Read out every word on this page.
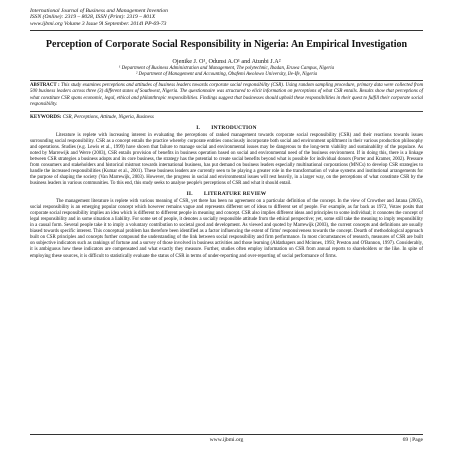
International Journal of Business and Management Invention
ISSN (Online): 2319 – 8028, ISSN (Print): 2319 – 801X
www.ijbmi.org Volume 3 Issue 9ǁ September. 2014ǁ PP-69-73
Perception of Corporate Social Responsibility in Nigeria: An Empirical Investigation
Ojenike J. O¹, Odunsi A.O¹ and Atunbi J.A²
¹ Department of Business Administration and Management, The polytechnic, Ibadan, Eruwa Campus, Nigeria
² Department of Management and Accounting, Obafemi Awolowo University, Ile-Ife, Nigeria
ABSTRACT : This study examines perceptions and attitudes of business leaders towards corporate social responsibility (CSR). Using random sampling procedure, primary data were collected from 500 business leaders across three (3) different states of Southwest, Nigeria. The questionnaire was structured to elicit information on perceptions of what CSR entails. Results show that perceptions of what constitute CSR spans economic, legal, ethical and philanthropic responsibilities. Findings suggest that businesses should uphold these responsibilities in their quest to fulfill their corporate social responsibility.
KEYWORDS: CSR, Perceptions, Attitude, Nigeria, Business
I.  INTRODUCTION
Literature is replete with increasing interest in evaluating the perceptions of ranked management towards corporate social responsibility (CSR) and their reactions towards issues surrounding social responsibility. CSR as a concept entails the practice whereby corporate entities consciously incorporate both social and environment upliftment in their various production philosophy and operations. Studies (e.g. Lewis et al., 1999) have shown that failure to manage social and environmental issues may be dangerous to the long-term viability and sustainability of the populace. As noted by Marrewijk and Werre (2003), CSR entails provision of benefits in business operation based on social and environmental need of the business environment. If in doing this, there is a linkage between CSR strategies a business adopts and its core business, the strategy has the potential to create social benefits beyond what is possible for individual donors (Porter and Kramer, 2002). Pressure from consumers and stakeholders and historical mistrust towards international business, has put demand on business leaders especially multinational corporations (MNCs) to develop CSR strategies to handle the increased responsibilities (Kumar et al., 2001). These business leaders are currently seen to be playing a greater role in the transformation of value systems and institutional arrangements for the purpose of shaping the society (Van Marrewijk, 2003). However, the progress in social and environmental issues will rest heavily, in a larger way, on the perceptions of what constitute CSR by the business leaders in various communities. To this end, this study seeks to analyse people's perceptions of CSR and what it should entail.
II.  LITERATURE REVIEW
The management literature is replete with various meaning of CSR, yet there has been no agreement on a particular definition of the concept. In the view of Crowther and Jatana (2005), social responsibility is an emerging popular concept which however remains vague and represents different set of ideas to different set of people. For example, as far back as 1972, Votaw posits that corporate social responsibility implies an idea which is different to different people in meaning and concept. CSR also implies different ideas and principles to some individual; it connotes the concept of legal responsibility and in some situation a liability. For some set of people, it denotes a socially responsible attitude from the ethical perspective; yet, some still take the meaning to imply responsibility in a causal form. Several people take it to imply a voluntary contribution to societal good and development. As viewed and quoted by Marrewijk (2003), the current concepts and definitions are usually biased towards specific interest. This conceptual problem has therefore been identified as a factor influencing the extent of firms' responsiveness towards the concept. Dearth of methodological approach built on CSR principles and concepts further compound the understanding of the link between social responsibility and firm performance. In most circumstances of research, measures of CSR are built on subjective indicators such as rankings of fortune and a survey of those involved in business activities and those learning (Aldathapers and Mcinnes, 1993; Preston and O'Bannon, 1997). Considerably, it is ambiguous how these indicators are compensated and what exactly they measure. Further, studies often employ information on CSR from annual reports to shareholders or the like. In spite of employing these sources, it is difficult to statistically evaluate the status of CSR in terms of under-reporting and over-reporting of social performance of firms.
www.ijbmi.org	69 | Page
